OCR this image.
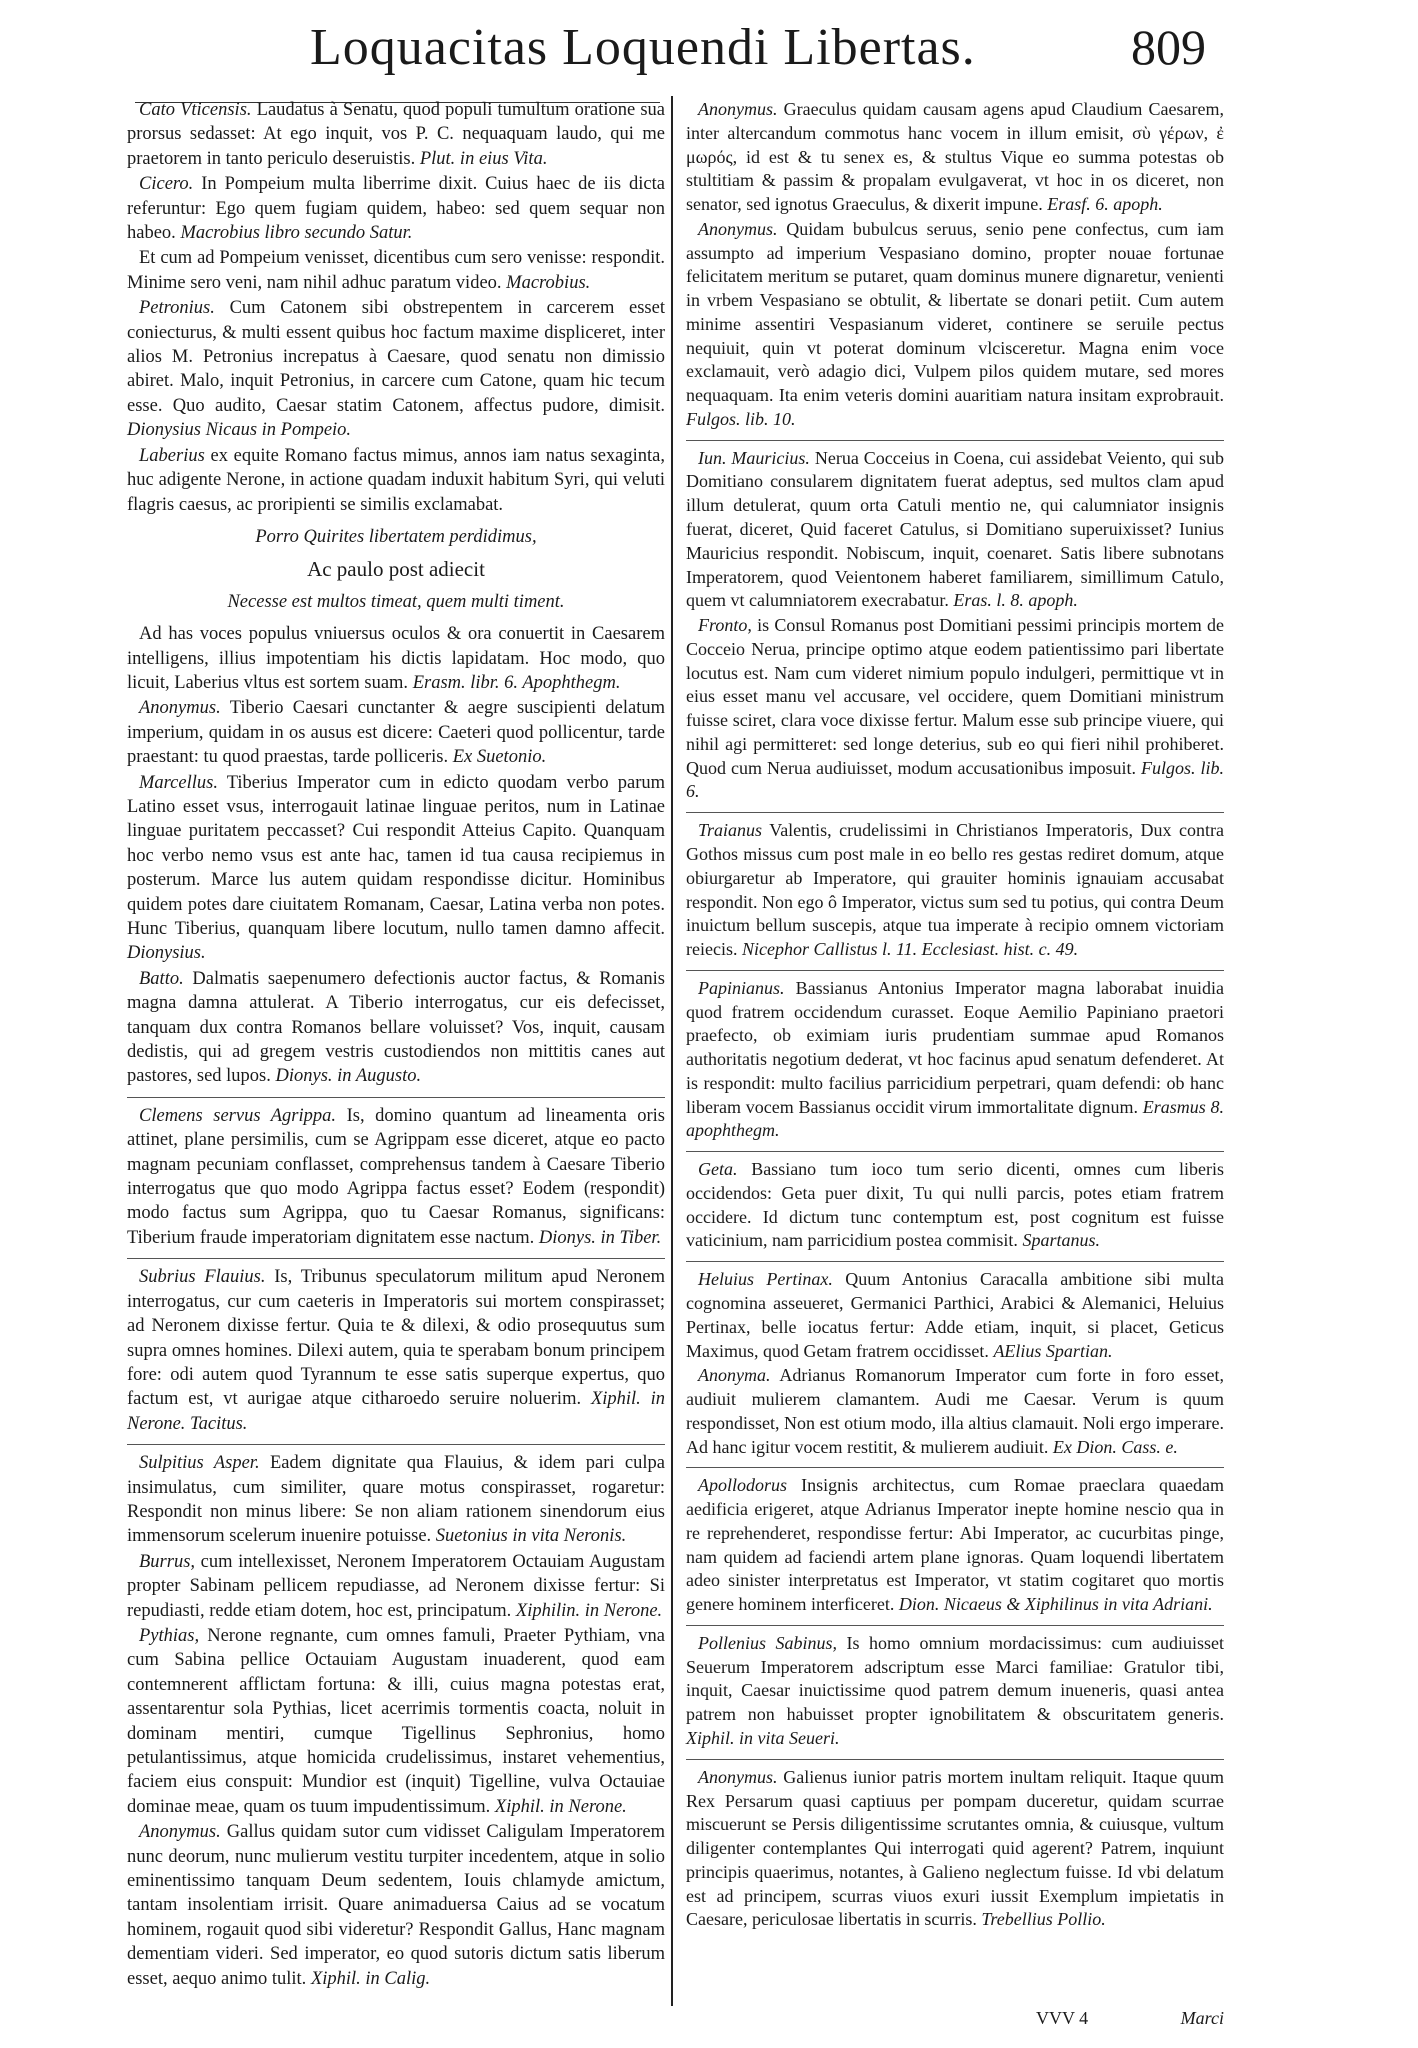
Loquacitas Loquendi Libertas.	809

Cato Vticensis. Laudatus à Senatu, quod populi tumultum oratione sua prorsus sedasset: At ego inquit, vos P. C. nequaquam laudo, qui me praetorem in tanto periculo deseruistis. Plut. in eius Vita.

Cicero. In Pompeium multa liberrime dixit. Cuius haec de iis dicta referuntur: Ego quem fugiam quidem, habeo: sed quem sequar non habeo. Macrobius libro secundo Satur.

Et cum ad Pompeium venisset, dicentibus cum sero venisse: respondit. Minime sero veni, nam nihil adhuc paratum video. Macrobius.

Petronius. Cum Catonem sibi obstrepentem in carcerem esset coniecturus, & multi essent quibus hoc factum maxime displiceret, inter alios M. Petronius increpatus à Caesare, quod senatu non dimissio abiret. Malo, inquit Petronius, in carcere cum Catone, quam hic tecum esse. Quo audito, Caesar statim Catonem, affectus pudore, dimisit. Dionysius Nicaus in Pompeio.

Laberius ex equite Romano factus mimus, annos iam natus sexaginta, huc adigente Nerone, in actione quadam induxit habitum Syri, qui veluti flagris caesus, ac proripienti se similis exclamabat.

Porro Quirites libertatem perdidimus,
Ac paulo post adiecit
Necesse est multos timeat, quem multi timent.

Ad has voces populus vniuersus oculos & ora conuertit in Caesarem intelligens, illius impotentiam his dictis lapidatam. Hoc modo, quo licuit, Laberius vltus est sortem suam. Erasm. libr. 6. Apophthegm.

Anonymus. Tiberio Caesari cunctanter & aegre suscipienti delatum imperium, quidam in os ausus est dicere: Caeteri quod pollicentur, tarde praestant: tu quod praestas, tarde polliceris. Ex Suetonio.

Marcellus. Tiberius Imperator cum in edicto quodam verbo parum Latino esset vsus, interrogauit latinae linguae peritos, num in Latinae linguae puritatem peccasset? Cui respondit Atteius Capito. Quanquam hoc verbo nemo vsus est ante hac, tamen id tua causa recipiemus in posterum. Marce lus autem quidam respondisse dicitur. Hominibus quidem potes dare ciuitatem Romanam, Caesar, Latina verba non potes. Hunc Tiberius, quanquam libere locutum, nullo tamen damno affecit. Dionysius.

Batto. Dalmatis saepenumero defectionis auctor factus, & Romanis magna damna attulerat. A Tiberio interrogatus, cur eis defecisset, tanquam dux contra Romanos bellare voluisset? Vos, inquit, causam dedistis, qui ad gregem vestris custodiendos non mittitis canes aut pastores, sed lupos. Dionys. in Augusto.

Clemens servus Agrippa. Is, domino quantum ad lineamenta oris attinet, plane persimilis, cum se Agrippam esse diceret, atque eo pacto magnam pecuniam conflasset, comprehensus tandem à Caesare Tiberio interrogatus que quo modo Agrippa factus esset? Eodem (respondit) modo factus sum Agrippa, quo tu Caesar Romanus, significans: Tiberium fraude imperatoriam dignitatem esse nactum. Dionys. in Tiber.

Subrius Flauius. Is, Tribunus speculatorum militum apud Neronem interrogatus, cur cum caeteris in Imperatoris sui mortem conspirasset; ad Neronem dixisse fertur. Quia te & dilexi, & odio prosequutus sum supra omnes homines. Dilexi autem, quia te sperabam bonum principem fore: odi autem quod Tyrannum te esse satis superque expertus, quo factum est, vt aurigae atque citharoedo seruire noluerim. Xiphil. in Nerone. Tacitus.

Sulpitius Asper. Eadem dignitate qua Flauius, & idem pari culpa insimulatus, cum similiter, quare motus conspirasset, rogaretur: Respondit non minus libere: Se non aliam rationem sinendorum eius immensorum scelerum inuenire potuisse. Suetonius in vita Neronis.

Burrus, cum intellexisset, Neronem Imperatorem Octauiam Augustam propter Sabinam pellicem repudiasse, ad Neronem dixisse fertur: Si repudiasti, redde etiam dotem, hoc est, principatum. Xiphilin. in Nerone.

Pythias, Nerone regnante, cum omnes famuli, Praeter Pythiam, vna cum Sabina pellice Octauiam Augustam inuaderent, quod eam contemnerent afflictam fortuna: & illi, cuius magna potestas erat, assentarentur sola Pythias, licet acerrimis tormentis coacta, noluit in dominam mentiri, cumque Tigellinus Sephronius, homo petulantissimus, atque homicida crudelissimus, instaret vehementius, faciem eius conspuit: Mundior est (inquit) Tigelline, vulva Octauiae dominae meae, quam os tuum impudentissimum. Xiphil. in Nerone.

Anonymus. Gallus quidam sutor cum vidisset Caligulam Imperatorem nunc deorum, nunc mulierum vestitu turpiter incedentem, atque in solio eminentissimo tanquam Deum sedentem, Iouis chlamyde amictum, tantam insolentiam irrisit. Quare animaduersa Caius ad se vocatum hominem, rogauit quod sibi videretur? Respondit Gallus, Hanc magnam dementiam videri. Sed imperator, eo quod sutoris dictum satis liberum esset, aequo animo tulit. Xiphil. in Calig.

Anonymus. Graeculus quidam causam agens apud Claudium Caesarem, inter altercandum commotus hanc vocem in illum emisit, σὺ γέρων, ἐ μωρός, id est & tu senex es, & stultus Vique eo summa potestas ob stultitiam & passim & propalam evulgaverat, vt hoc in os diceret, non senator, sed ignotus Graeculus, & dixerit impune. Erasf. 6. apoph.

Anonymus. Quidam bubulcus seruus, senio pene confectus, cum iam assumpto ad imperium Vespasiano domino, propter nouae fortunae felicitatem meritum se putaret, quam dominus munere dignaretur, venienti in vrbem Vespasiano se obtulit, & libertate se donari petiit. Cum autem minime assentiri Vespasianum videret, continere se seruile pectus nequiuit, quin vt poterat dominum vlcisceretur. Magna enim voce exclamauit, verò adagio dici, Vulpem pilos quidem mutare, sed mores nequaquam. Ita enim veteris domini auaritiam natura insitam exprobrauit. Fulgos. lib. 10.

Iun. Mauricius. Nerua Cocceius in Coena, cui assidebat Veiento, qui sub Domitiano consularem dignitatem fuerat adeptus, sed multos clam apud illum detulerat, quum orta Catuli mentio ne, qui calumniator insignis fuerat, diceret, Quid faceret Catulus, si Domitiano superuixisset? Iunius Mauricius respondit. Nobiscum, inquit, coenaret. Satis libere subnotans Imperatorem, quod Veientonem haberet familiarem, simillimum Catulo, quem vt calumniatorem execrabatur. Eras. l. 8. apoph.

Fronto, is Consul Romanus post Domitiani pessimi principis mortem de Cocceio Nerua, principe optimo atque eodem patientissimo pari libertate locutus est. Nam cum videret nimium populo indulgeri, permittique vt in eius esset manu vel accusare, vel occidere, quem Domitiani ministrum fuisse sciret, clara voce dixisse fertur. Malum esse sub principe viuere, qui nihil agi permitteret: sed longe deterius, sub eo qui fieri nihil prohiberet. Quod cum Nerua audiuisset, modum accusationibus imposuit. Fulgos. lib. 6.

Traianus Valentis, crudelissimi in Christianos Imperatoris, Dux contra Gothos missus cum post male in eo bello res gestas rediret domum, atque obiurgaretur ab Imperatore, qui grauiter hominis ignauiam accusabat respondit. Non ego ô Imperator, victus sum sed tu potius, qui contra Deum inuictum bellum suscepis, atque tua imperate à recipio omnem victoriam reiecis. Nicephor Callistus l. 11. Ecclesiast. hist. c. 49.

Papinianus. Bassianus Antonius Imperator magna laborabat inuidia quod fratrem occidendum curasset. Eoque Aemilio Papiniano praetori praefecto, ob eximiam iuris prudentiam summae apud Romanos authoritatis negotium dederat, vt hoc facinus apud senatum defenderet. At is respondit: multo facilius parricidium perpetrari, quam defendi: ob hanc liberam vocem Bassianus occidit virum immortalitate dignum. Erasmus 8. apophthegm.

Geta. Bassiano tum ioco tum serio dicenti, omnes cum liberis occidendos: Geta puer dixit, Tu qui nulli parcis, potes etiam fratrem occidere. Id dictum tunc contemptum est, post cognitum est fuisse vaticinium, nam parricidium postea commisit. Spartanus.

Heluius Pertinax. Quum Antonius Caracalla ambitione sibi multa cognomina asseueret, Germanici Parthici, Arabici & Alemanici, Heluius Pertinax, belle iocatus fertur: Adde etiam, inquit, si placet, Geticus Maximus, quod Getam fratrem occidisset. AElius Spartian.

Anonyma. Adrianus Romanorum Imperator cum forte in foro esset, audiuit mulierem clamantem. Audi me Caesar. Verum is quum respondisset, Non est otium modo, illa altius clamauit. Noli ergo imperare. Ad hanc igitur vocem restitit, & mulierem audiuit. Ex Dion. Cass. e.

Apollodorus Insignis architectus, cum Romae praeclara quaedam aedificia erigeret, atque Adrianus Imperator inepte homine nescio qua in re reprehenderet, respondisse fertur: Abi Imperator, ac cucurbitas pinge, nam quidem ad faciendi artem plane ignoras. Quam loquendi libertatem adeo sinister interpretatus est Imperator, vt statim cogitaret quo mortis genere hominem interficeret. Dion. Nicaeus & Xiphilinus in vita Adriani.

Pollenius Sabinus, Is homo omnium mordacissimus: cum audiuisset Seuerum Imperatorem adscriptum esse Marci familiae: Gratulor tibi, inquit, Caesar inuictissime quod patrem demum inueneris, quasi antea patrem non habuisset propter ignobilitatem & obscuritatem generis. Xiphil. in vita Seueri.

Anonymus. Galienus iunior patris mortem inultam reliquit. Itaque quum Rex Persarum quasi captiuus per pompam duceretur, quidam scurrae miscuerunt se Persis diligentissime scrutantes omnia, & cuiusque, vultum diligenter contemplantes Qui interrogati quid agerent? Patrem, inquiunt principis quaerimus, notantes, à Galieno neglectum fuisse. Id vbi delatum est ad principem, scurras viuos exuri iussit Exemplum impietatis in Caesare, periculosae libertatis in scurris. Trebellius Pollio.

VVV 4	Marci
